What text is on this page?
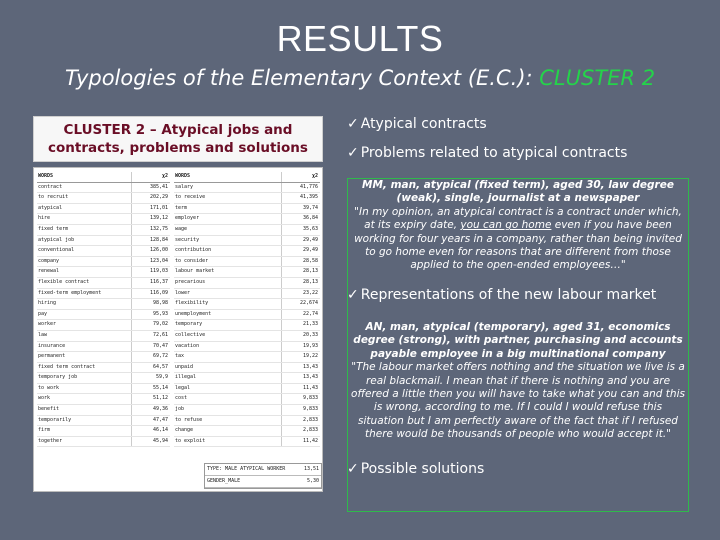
RESULTS
Typologies of the Elementary Context (E.C.): CLUSTER 2
CLUSTER 2 – Atypical jobs and
contracts, problems and solutions
WORDS	χ2
contract	385,41
to recruit	202,29
atypical	171,01
hire	139,12
fixed term	132,75
atypical job	128,84
conventional	126,00
company	123,04
renewal	119,03
flexible contract	116,37
fixed-term employment	116,09
hiring	98,98
pay	95,93
worker	79,02
law	72,61
insurance	70,47
permanent	69,72
fixed term contract	64,57
temporary job	59,9
to work	55,14
work	51,12
benefit	49,36
temporarily	47,47
firm	46,14
together	45,94
WORDS	χ2
salary	41,776
to receive	41,395
term	39,74
employer	36,84
wage	35,63
security	29,49
contribution	29,49
to consider	28,58
labour market	28,13
precarious	28,13
lower	23,22
flexibility	22,674
unemployment	22,74
temporary	21,33
collective	20,33
vacation	19,93
tax	19,22
unpaid	13,43
illegal	13,43
legal	11,43
cost	9,833
job	9,833
to refuse	2,833
change	2,833
to exploit	11,42
TYPE: MALE ATYPICAL WORKER	13,51
GENDER_MALE	5,30
✓ Atypical contracts
✓ Problems related to atypical contracts
MM, man, atypical (fixed term), aged 30, law degree
(weak), single, journalist at a newspaper
"In my opinion, an atypical contract is a contract under which,
at its expiry date, you can go home even if you have been
working for four years in a company, rather than being invited
to go home even for reasons that are different from those
applied to the open-ended employees…"
✓ Representations of the new labour market
AN, man, atypical (temporary), aged 31, economics
degree (strong), with partner, purchasing and accounts
payable employee in a big multinational company
"The labour market offers nothing and the situation we live is a
real blackmail. I mean that if there is nothing and you are
offered a little then you will have to take what you can and this
is wrong, according to me. If I could I would refuse this
situation but I am perfectly aware of the fact that if I refused
there would be thousands of people who would accept it."
✓ Possible solutions
